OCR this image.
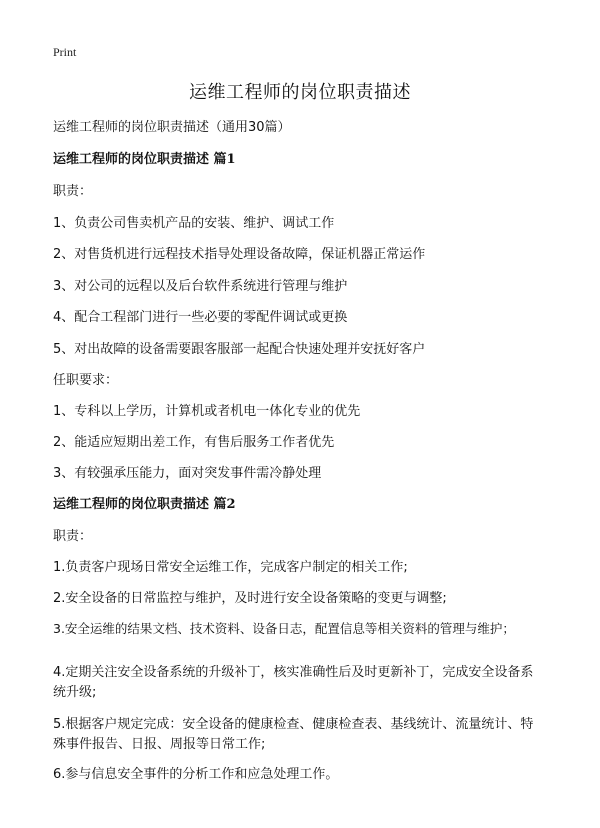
Print
运维工程师的岗位职责描述

运维工程师的岗位职责描述（通用30篇）

运维工程师的岗位职责描述 篇1

职责：

1、负责公司售卖机产品的安装、维护、调试工作

2、对售货机进行远程技术指导处理设备故障，保证机器正常运作

3、对公司的远程以及后台软件系统进行管理与维护

4、配合工程部门进行一些必要的零配件调试或更换

5、对出故障的设备需要跟客服部一起配合快速处理并安抚好客户

任职要求：

1、专科以上学历，计算机或者机电一体化专业的优先

2、能适应短期出差工作，有售后服务工作者优先

3、有较强承压能力，面对突发事件需冷静处理

运维工程师的岗位职责描述 篇2

职责：

1.负责客户现场日常安全运维工作，完成客户制定的相关工作;

2.安全设备的日常监控与维护，及时进行安全设备策略的变更与调整;

3.安全运维的结果文档、技术资料、设备日志，配置信息等相关资料的管理与维护；

4.定期关注安全设备系统的升级补丁，核实准确性后及时更新补丁，完成安全设备系统升级;

5.根据客户规定完成：安全设备的健康检查、健康检查表、基线统计、流量统计、特殊事件报告、日报、周报等日常工作;

6.参与信息安全事件的分析工作和应急处理工作。
